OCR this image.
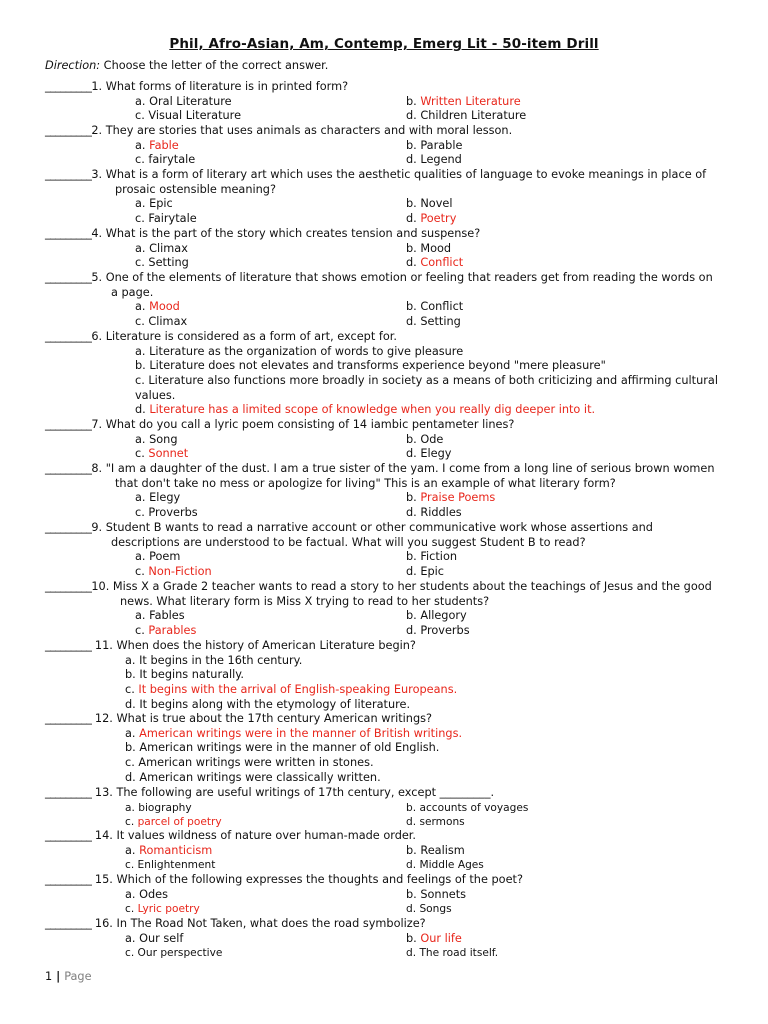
Phil, Afro-Asian, Am, Contemp, Emerg Lit - 50-item Drill
Direction: Choose the letter of the correct answer.
_________1. What forms of literature is in printed form?
a. Oral Literature	b. Written Literature
c. Visual Literature	d. Children Literature
_________2. They are stories that uses animals as characters and with moral lesson.
a. Fable	b. Parable
c. fairytale	d. Legend
_________3. What is a form of literary art which uses the aesthetic qualities of language to evoke meanings in place of
prosaic ostensible meaning?
a. Epic	b. Novel
c. Fairytale	d. Poetry
_________4. What is the part of the story which creates tension and suspense?
a. Climax	b. Mood
c. Setting	d. Conflict
_________5. One of the elements of literature that shows emotion or feeling that readers get from reading the words on
a page.
a. Mood	b. Conflict
c. Climax	d. Setting
_________6. Literature is considered as a form of art, except for.
a. Literature as the organization of words to give pleasure
b. Literature does not elevates and transforms experience beyond "mere pleasure"
c. Literature also functions more broadly in society as a means of both criticizing and affirming cultural
values.
d. Literature has a limited scope of knowledge when you really dig deeper into it.
_________7. What do you call a lyric poem consisting of 14 iambic pentameter lines?
a. Song	b. Ode
c. Sonnet	d. Elegy
_________8. "I am a daughter of the dust. I am a true sister of the yam. I come from a long line of serious brown women
that don't take no mess or apologize for living" This is an example of what literary form?
a. Elegy	b. Praise Poems
c. Proverbs	d. Riddles
_________9. Student B wants to read a narrative account or other communicative work whose assertions and
descriptions are understood to be factual. What will you suggest Student B to read?
a. Poem	b. Fiction
c. Non-Fiction	d. Epic
_________10. Miss X a Grade 2 teacher wants to read a story to her students about the teachings of Jesus and the good
news. What literary form is Miss X trying to read to her students?
a. Fables	b. Allegory
c. Parables	d. Proverbs
_________ 11. When does the history of American Literature begin?
a. It begins in the 16th century.
b. It begins naturally.
c. It begins with the arrival of English-speaking Europeans.
d. It begins along with the etymology of literature.
_________ 12. What is true about the 17th century American writings?
a. American writings were in the manner of British writings.
b. American writings were in the manner of old English.
c. American writings were written in stones.
d. American writings were classically written.
_________ 13. The following are useful writings of 17th century, except _________.
a. biography	b. accounts of voyages
c. parcel of poetry	d. sermons
_________ 14. It values wildness of nature over human-made order.
a. Romanticism	b. Realism
c. Enlightenment	d. Middle Ages
_________ 15. Which of the following expresses the thoughts and feelings of the poet?
a. Odes	b. Sonnets
c. Lyric poetry	d. Songs
_________ 16. In The Road Not Taken, what does the road symbolize?
a. Our self	b. Our life
c. Our perspective	d. The road itself.
1 | Page
